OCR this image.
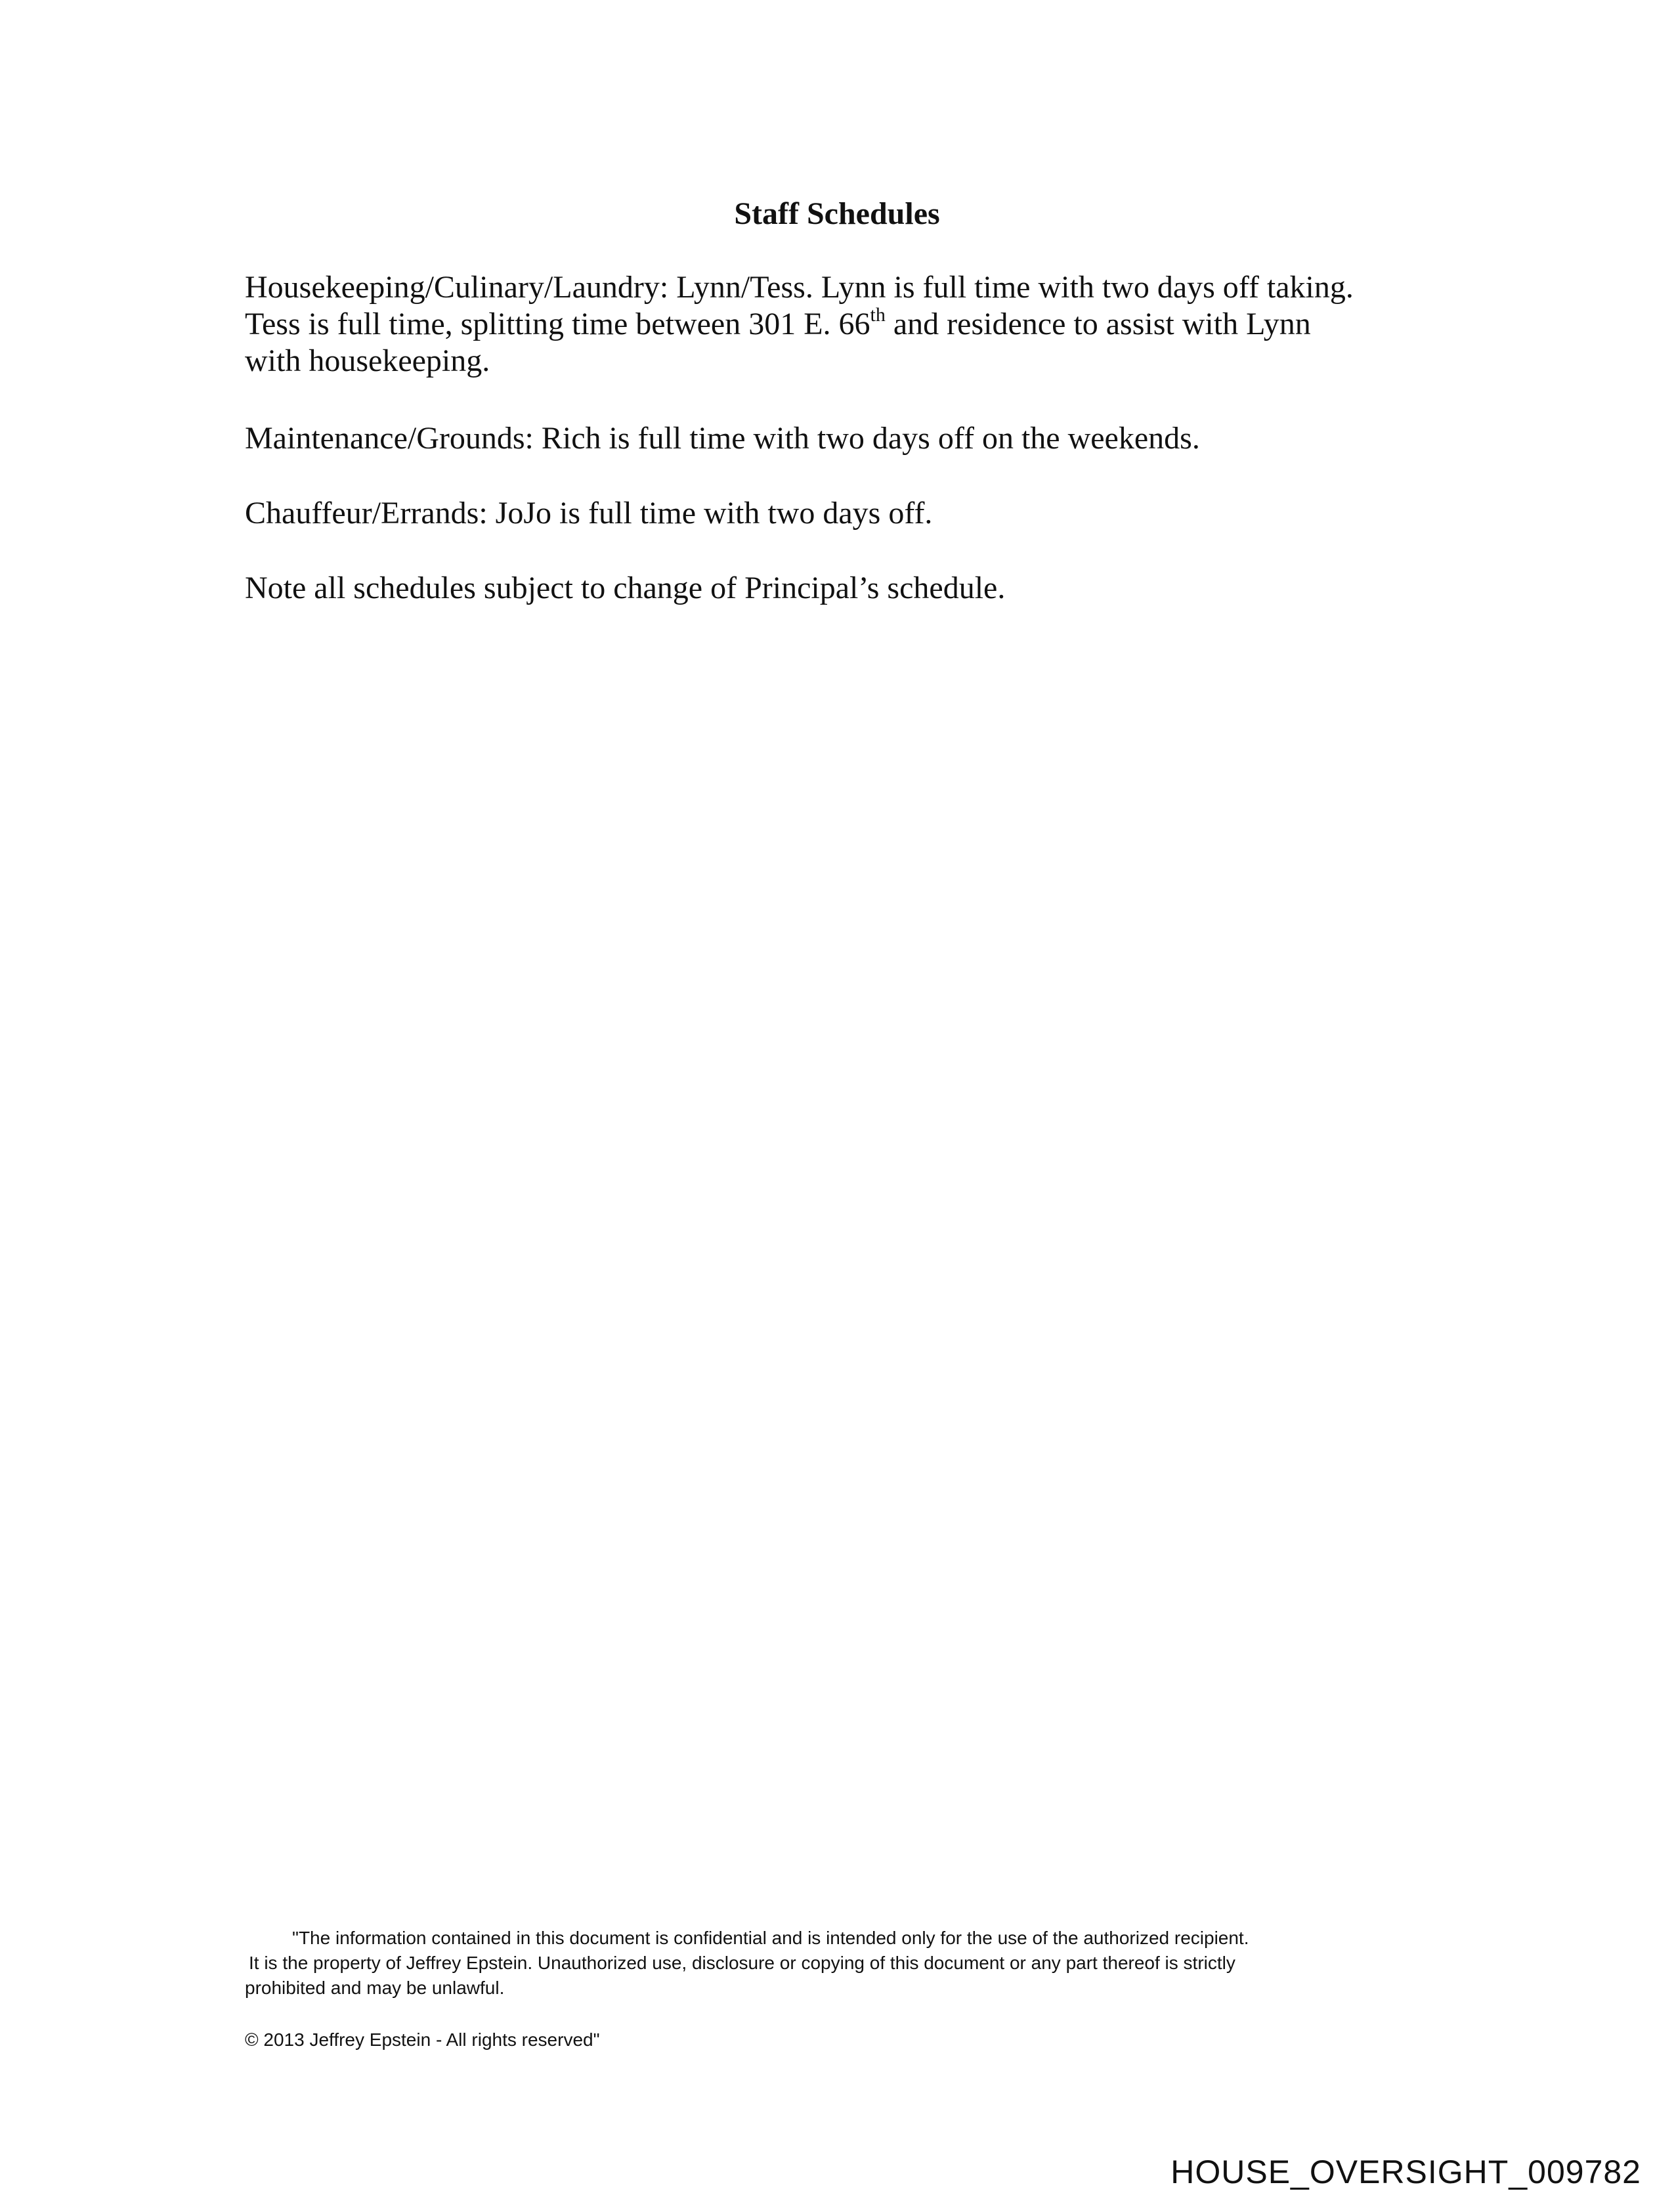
Staff Schedules

Housekeeping/Culinary/Laundry: Lynn/Tess. Lynn is full time with two days off taking.
Tess is full time, splitting time between 301 E. 66th and residence to assist with Lynn
with housekeeping.

Maintenance/Grounds: Rich is full time with two days off on the weekends.

Chauffeur/Errands: JoJo is full time with two days off.

Note all schedules subject to change of Principal’s schedule.

"The information contained in this document is confidential and is intended only for the use of the authorized recipient.
It is the property of Jeffrey Epstein. Unauthorized use, disclosure or copying of this document or any part thereof is strictly
prohibited and may be unlawful.

© 2013 Jeffrey Epstein - All rights reserved"

HOUSE_OVERSIGHT_009782
